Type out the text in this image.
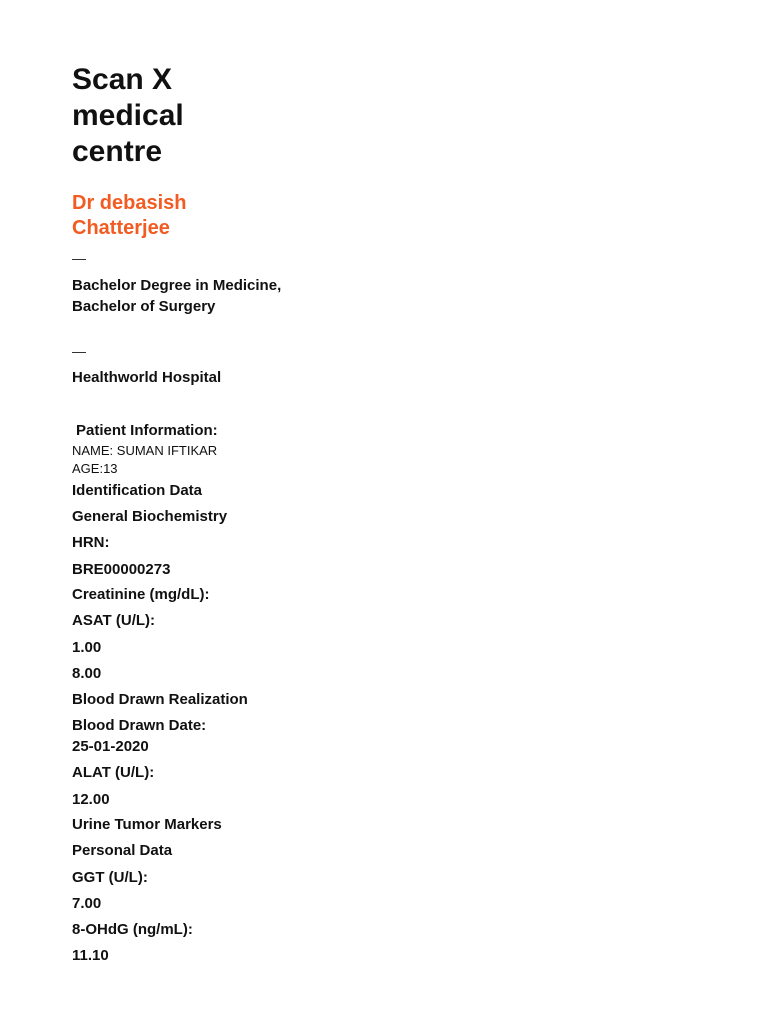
Scan X
medical
centre
Dr debasish
Chatterjee
—
Bachelor Degree in Medicine,
Bachelor of Surgery
—
Healthworld Hospital
Patient Information:
NAME: SUMAN IFTIKAR
AGE:13
Identification Data
General Biochemistry
HRN:
BRE00000273
Creatinine (mg/dL):
ASAT (U/L):
1.00
8.00
Blood Drawn Realization
Blood Drawn Date:
25-01-2020
ALAT (U/L):
12.00
Urine Tumor Markers
Personal Data
GGT (U/L):
7.00
8-OHdG (ng/mL):
11.10
